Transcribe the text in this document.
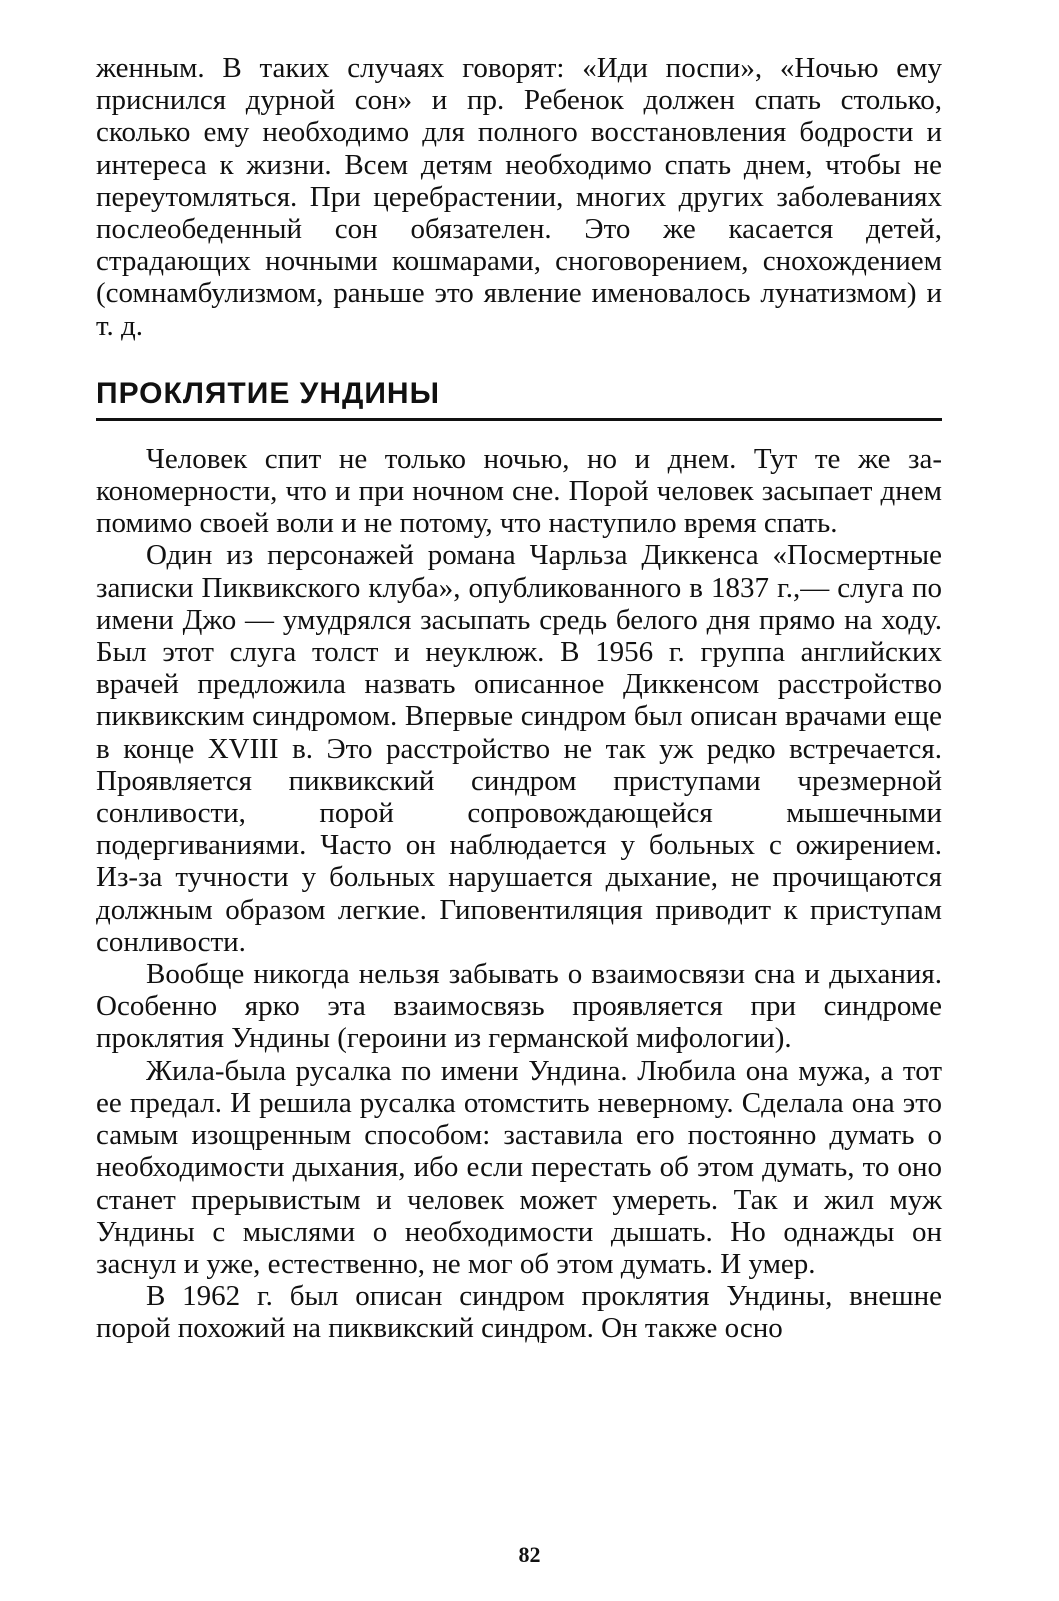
женным. В таких случаях говорят: «Иди поспи», «Ночью ему приснился дурной сон» и пр. Ребенок должен спать столько, сколько ему необходимо для полного восстановления бодрости и интереса к жизни. Всем детям необходимо спать днем, чтобы не переутомляться. При церебрастении, многих других заболеваниях послеобеденный сон обязателен. Это же касается детей, страдающих ночными кошмарами, сноговорением, снохождением (сомнамбулизмом, раньше это явление именовалось лунатизмом) и т. д.

ПРОКЛЯТИЕ УНДИНЫ

Человек спит не только ночью, но и днем. Тут те же закономерности, что и при ночном сне. Порой человек засыпает днем помимо своей воли и не потому, что наступило время спать.

Один из персонажей романа Чарльза Диккенса «Посмертные записки Пиквикского клуба», опубликованного в 1837 г.,— слуга по имени Джо — умудрялся засыпать средь белого дня прямо на ходу. Был этот слуга толст и неуклюж. В 1956 г. группа английских врачей предложила назвать описанное Диккенсом расстройство пиквикским синдромом. Впервые синдром был описан врачами еще в конце XVIII в. Это расстройство не так уж редко встречается. Проявляется пиквикский синдром приступами чрезмерной сонливости, порой сопровождающейся мышечными подергиваниями. Часто он наблюдается у больных с ожирением. Из-за тучности у больных нарушается дыхание, не прочищаются должным образом легкие. Гиповентиляция приводит к приступам сонливости.

Вообще никогда нельзя забывать о взаимосвязи сна и дыхания. Особенно ярко эта взаимосвязь проявляется при синдроме проклятия Ундины (героини из германской мифологии).

Жила-была русалка по имени Ундина. Любила она мужа, а тот ее предал. И решила русалка отомстить неверному. Сделала она это самым изощренным способом: заставила его постоянно думать о необходимости дыхания, ибо если перестать об этом думать, то оно станет прерывистым и человек может умереть. Так и жил муж Ундины с мыслями о необходимости дышать. Но однажды он заснул и уже, естественно, не мог об этом думать. И умер.

В 1962 г. был описан синдром проклятия Ундины, внешне порой похожий на пиквикский синдром. Он также осно

82
